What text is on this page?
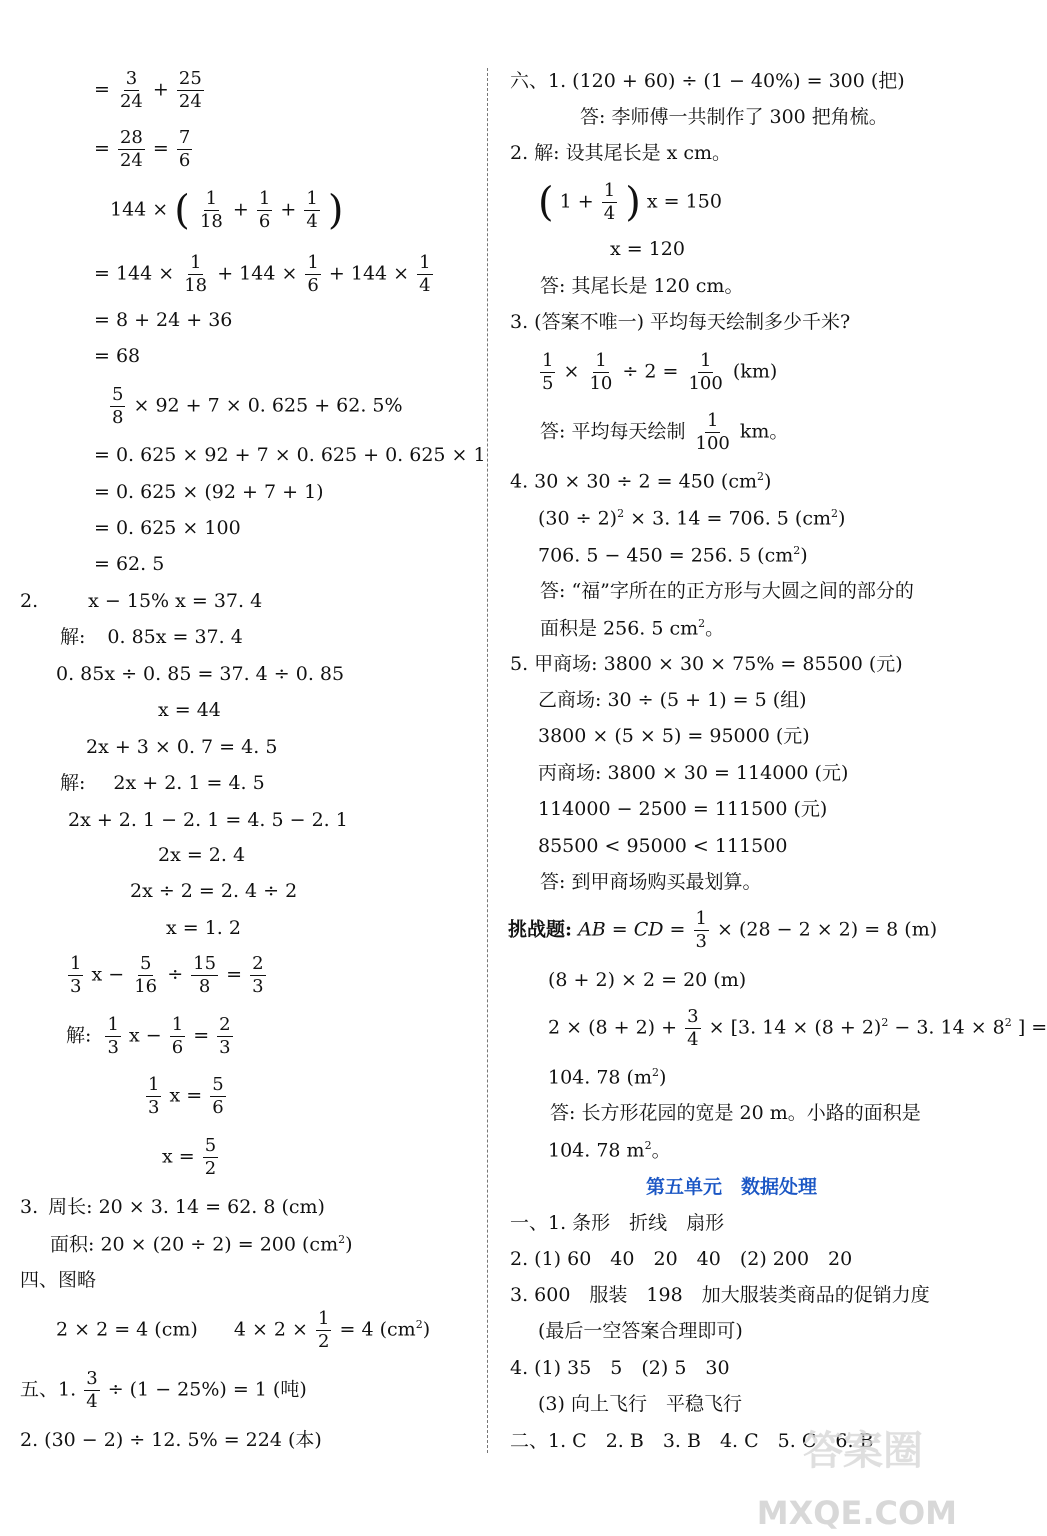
= $\frac{3}{24} + \frac{25}{24}$
= $\frac{28}{24} = \frac{7}{6}$
144 × ( $\frac{1}{18} + \frac{1}{6} + \frac{1}{4}$ )
= $144 \times \frac{1}{18} + 144 \times \frac{1}{6} + 144 \times \frac{1}{4}$
= 8 + 24 + 36
= 68
$\frac{5}{8} \times 92 + 7 \times 0$. 625 + 62. 5%
= 0. 625 × 92 + 7 × 0. 625 + 0. 625 × 1
= 0. 625 × (92 + 7 + 1)
= 0. 625 × 100
= 62. 5
2.	x − 15% x = 37. 4
解: 0. 85x = 37. 4
0. 85x ÷ 0. 85 = 37. 4 ÷ 0. 85
x = 44
2x + 3 × 0. 7 = 4. 5
解: 2x + 2. 1 = 4. 5
2x + 2. 1 − 2. 1 = 4. 5 − 2. 1
2x = 2. 4
2x ÷ 2 = 2. 4 ÷ 2
x = 1. 2
$\frac{1}{3}$ $x - \frac{5}{16} \div \frac{15}{8} = \frac{2}{3}$
解: $\frac{1}{3}$ $x - \frac{1}{6} = \frac{2}{3}$
$\frac{1}{3}$ $x = \frac{5}{6}$
$x = \frac{5}{2}$
3. 周长: 20 × 3. 14 = 62. 8 (cm)
面积: 20 × (20 ÷ 2) = 200 $(cm^2)$
四、图略
2 × 2 = 4 (cm) $4 \times 2 \times \frac{1}{2} = 4$ $(cm^2)$
五、1. $\frac{3}{4} \div (1 - 25\%) = 1$ (吨)
2. (30 − 2) ÷ 12. 5% = 224 (本)
六、1. (120 + 60) ÷ (1 − 40%) = 300 (把)
答: 李师傅一共制作了 300 把角梳。
2. 解: 设其尾长是 x cm。
( $1 + \frac{1}{4}$ ) x = 150
x = 120
答: 其尾长是 120 cm。
3. (答案不唯一) 平均每天绘制多少千米?
$\frac{1}{5} \times \frac{1}{10} \div 2 = \frac{1}{100} (km)$
答: 平均每天绘制 $\frac{1}{100}$ km。
4. 30 × 30 ÷ 2 = 450 $(cm^2)$
$(30 \div 2)^2 \times 3$. 14 = 706. 5 $(cm^2)$
706. 5 − 450 = 256. 5 $(cm^2)$
答: “福”字所在的正方形与大圆之间的部分的
面积是 256. 5 $cm^2$。
5. 甲商场: 3800 × 30 × 75% = 85500 (元)
乙商场: 30 ÷ (5 + 1) = 5 (组)
3800 × (5 × 5) = 95000 (元)
丙商场: 3800 × 30 = 114000 (元)
114000 − 2500 = 111500 (元)
85500 < 95000 < 111500
答: 到甲商场购买最划算。
挑战题: AB = CD = $\frac{1}{3} \times (28 - 2 \times 2) = 8$ (m)
(8 + 2) × 2 = 20 (m)
$2 \times (8 + 2) + \frac{3}{4} \times [3$. $14 \times (8 + 2)^2 - 3$. $14 \times 8^2$ ] =
104. 78 $(m^2)$
答: 长方形花园的宽是 20 m。小路的面积是
104. 78 $m^2$。
第五单元　数据处理
一、1. 条形　折线　扇形
2. (1) 60　40　20　40　(2) 200　20
3. 600　服装　198　加大服装类商品的促销力度
(最后一空答案合理即可)
4. (1) 35　5　(2) 5　30
(3) 向上飞行　平稳飞行
二、1. C　2. B　3. B　4. C　5. C　6. B
答案圈
MXQE.COM
